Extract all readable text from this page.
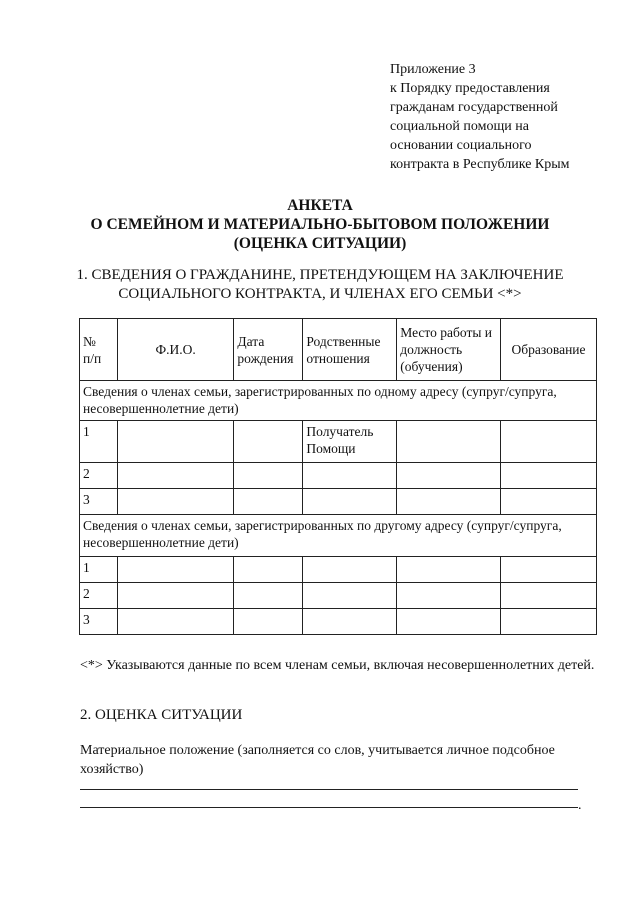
Приложение 3
к Порядку предоставления
гражданам государственной
социальной помощи на
основании социального
контракта в Республике Крым
АНКЕТА
О СЕМЕЙНОМ И МАТЕРИАЛЬНО-БЫТОВОМ ПОЛОЖЕНИИ
(ОЦЕНКА СИТУАЦИИ)
1. СВЕДЕНИЯ О ГРАЖДАНИНЕ, ПРЕТЕНДУЮЩЕМ НА ЗАКЛЮЧЕНИЕ
СОЦИАЛЬНОГО КОНТРАКТА, И ЧЛЕНАХ ЕГО СЕМЬИ <*>
№
п/п	Ф.И.О.	Дата рождения	Родственные отношения	Место работы и должность (обучения)	Образование
Сведения о членах семьи, зарегистрированных по одному адресу (супруг/супруга, несовершеннолетние дети)					
1			Получатель Помощи		
2					
3					
Сведения о членах семьи, зарегистрированных по другому адресу (супруг/супруга, несовершеннолетние дети)					
1					
2					
3					
<*> Указываются данные по всем членам семьи, включая несовершеннолетних детей.
2. ОЦЕНКА СИТУАЦИИ
Материальное положение (заполняется со слов, учитывается личное подсобное хозяйство)
.
